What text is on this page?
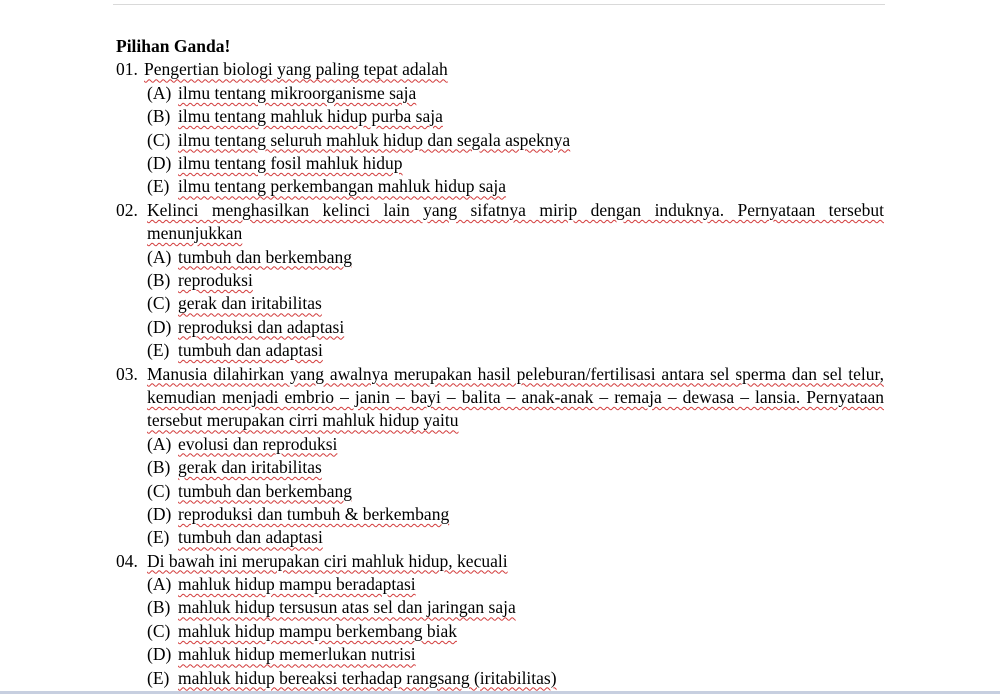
Pilihan Ganda!
01. Pengertian biologi yang paling tepat adalah
(A) ilmu tentang mikroorganisme saja
(B) ilmu tentang mahluk hidup purba saja
(C) ilmu tentang seluruh mahluk hidup dan segala aspeknya
(D) ilmu tentang fosil mahluk hidup
(E) ilmu tentang perkembangan mahluk hidup saja
02. Kelinci menghasilkan kelinci lain yang sifatnya mirip dengan induknya. Pernyataan tersebut menunjukkan
(A) tumbuh dan berkembang
(B) reproduksi
(C) gerak dan iritabilitas
(D) reproduksi dan adaptasi
(E) tumbuh dan adaptasi
03. Manusia dilahirkan yang awalnya merupakan hasil peleburan/fertilisasi antara sel sperma dan sel telur, kemudian menjadi embrio – janin – bayi – balita – anak-anak – remaja – dewasa – lansia. Pernyataan tersebut merupakan cirri mahluk hidup yaitu
(A) evolusi dan reproduksi
(B) gerak dan iritabilitas
(C) tumbuh dan berkembang
(D) reproduksi dan tumbuh & berkembang
(E) tumbuh dan adaptasi
04. Di bawah ini merupakan ciri mahluk hidup, kecuali
(A) mahluk hidup mampu beradaptasi
(B) mahluk hidup tersusun atas sel dan jaringan saja
(C) mahluk hidup mampu berkembang biak
(D) mahluk hidup memerlukan nutrisi
(E) mahluk hidup bereaksi terhadap rangsang (iritabilitas)
